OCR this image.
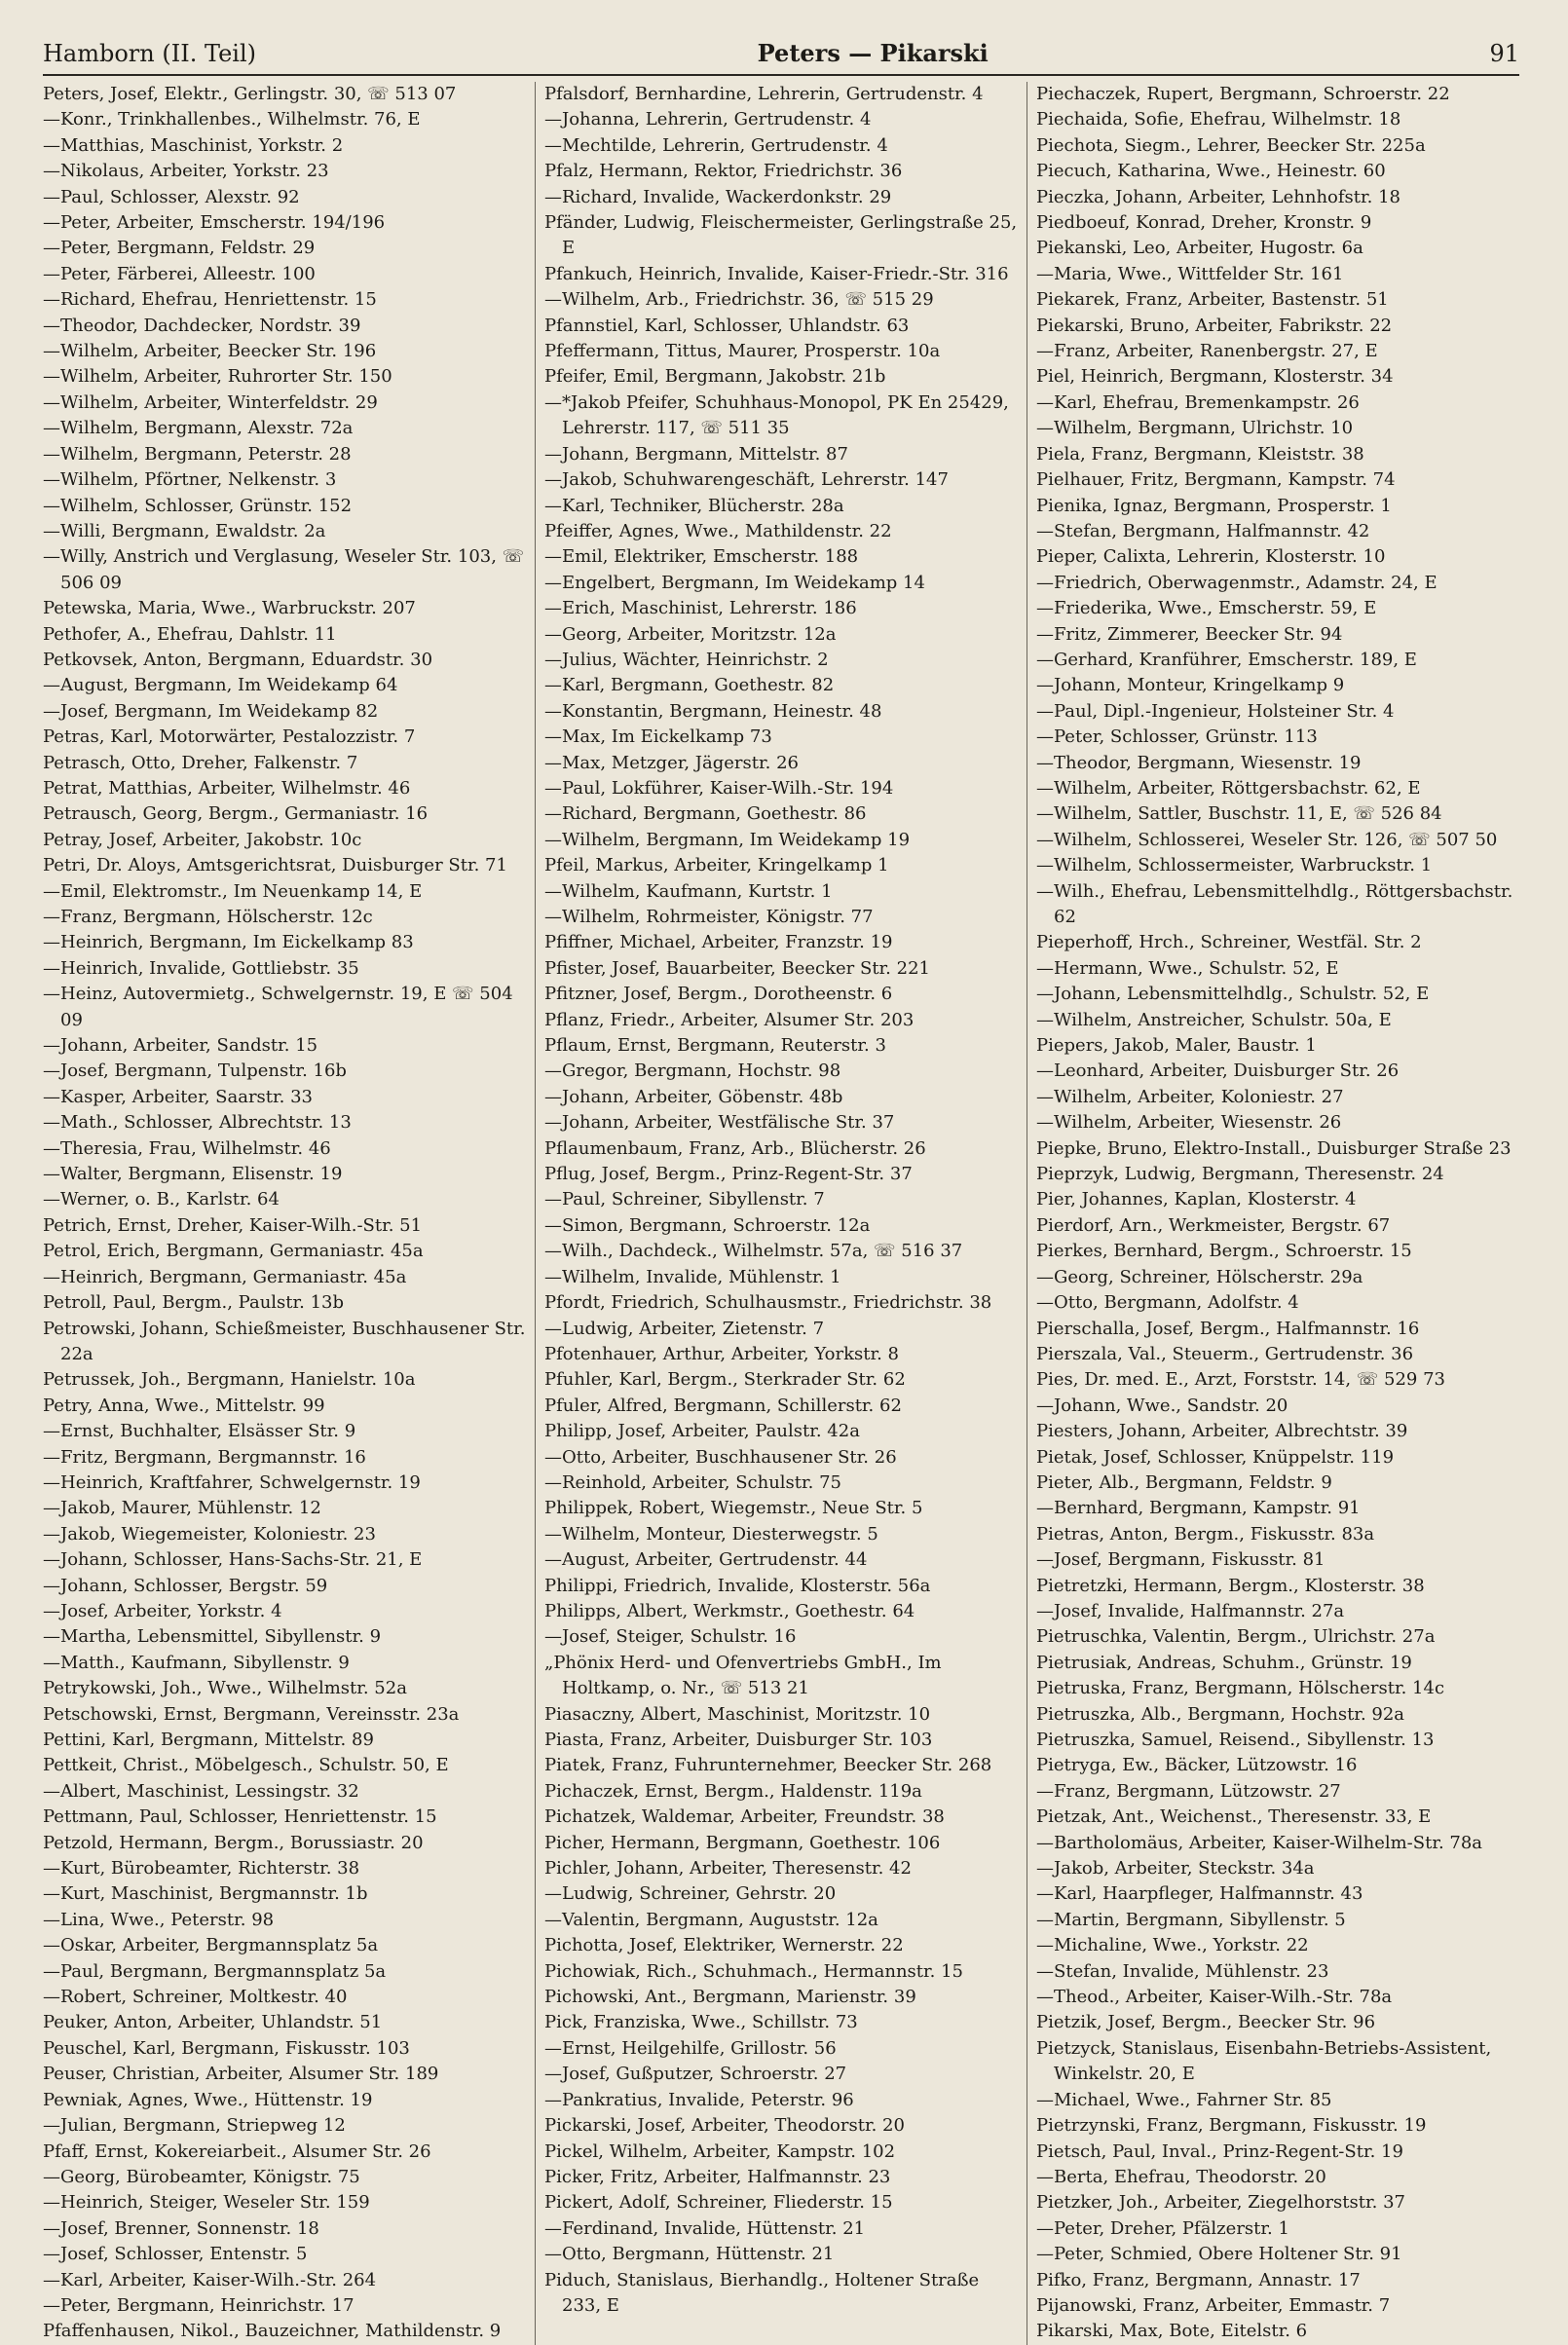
Hamborn (II. Teil)	Peters — Pikarski	91
Peters, Josef, Elektr., Gerlingstr. 30, ☏ 513 07
—Konr., Trinkhallenbes., Wilhelmstr. 76, E
—Matthias, Maschinist, Yorkstr. 2
—Nikolaus, Arbeiter, Yorkstr. 23
—Paul, Schlosser, Alexstr. 92
—Peter, Arbeiter, Emscherstr. 194/196
—Peter, Bergmann, Feldstr. 29
—Peter, Färberei, Alleestr. 100
—Richard, Ehefrau, Henriettenstr. 15
—Theodor, Dachdecker, Nordstr. 39
—Wilhelm, Arbeiter, Beecker Str. 196
—Wilhelm, Arbeiter, Ruhrorter Str. 150
—Wilhelm, Arbeiter, Winterfeldstr. 29
—Wilhelm, Bergmann, Alexstr. 72a
—Wilhelm, Bergmann, Peterstr. 28
—Wilhelm, Pförtner, Nelkenstr. 3
—Wilhelm, Schlosser, Grünstr. 152
—Willi, Bergmann, Ewaldstr. 2a
—Willy, Anstrich und Verglasung, Weseler Str. 103, ☏ 506 09
Petewska, Maria, Wwe., Warbruckstr. 207
Pethofer, A., Ehefrau, Dahlstr. 11
Petkovsek, Anton, Bergmann, Eduardstr. 30
—August, Bergmann, Im Weidekamp 64
—Josef, Bergmann, Im Weidekamp 82
Petras, Karl, Motorwärter, Pestalozzistr. 7
Petrasch, Otto, Dreher, Falkenstr. 7
Petrat, Matthias, Arbeiter, Wilhelmstr. 46
Petrausch, Georg, Bergm., Germaniastr. 16
Petray, Josef, Arbeiter, Jakobstr. 10c
Petri, Dr. Aloys, Amtsgerichtsrat, Duisburger Str. 71
—Emil, Elektromstr., Im Neuenkamp 14, E
—Franz, Bergmann, Hölscherstr. 12c
—Heinrich, Bergmann, Im Eickelkamp 83
—Heinrich, Invalide, Gottliebstr. 35
—Heinz, Autovermietg., Schwelgernstr. 19, E ☏ 504 09
—Johann, Arbeiter, Sandstr. 15
—Josef, Bergmann, Tulpenstr. 16b
—Kasper, Arbeiter, Saarstr. 33
—Math., Schlosser, Albrechtstr. 13
—Theresia, Frau, Wilhelmstr. 46
—Walter, Bergmann, Elisenstr. 19
—Werner, o. B., Karlstr. 64
Petrich, Ernst, Dreher, Kaiser-Wilh.-Str. 51
Petrol, Erich, Bergmann, Germaniastr. 45a
—Heinrich, Bergmann, Germaniastr. 45a
Petroll, Paul, Bergm., Paulstr. 13b
Petrowski, Johann, Schießmeister, Buschhausener Str. 22a
Petrussek, Joh., Bergmann, Hanielstr. 10a
Petry, Anna, Wwe., Mittelstr. 99
—Ernst, Buchhalter, Elsässer Str. 9
—Fritz, Bergmann, Bergmannstr. 16
—Heinrich, Kraftfahrer, Schwelgernstr. 19
—Jakob, Maurer, Mühlenstr. 12
—Jakob, Wiegemeister, Koloniestr. 23
—Johann, Schlosser, Hans-Sachs-Str. 21, E
—Johann, Schlosser, Bergstr. 59
—Josef, Arbeiter, Yorkstr. 4
—Martha, Lebensmittel, Sibyllenstr. 9
—Matth., Kaufmann, Sibyllenstr. 9
Petrykowski, Joh., Wwe., Wilhelmstr. 52a
Petschowski, Ernst, Bergmann, Vereinsstr. 23a
Pettini, Karl, Bergmann, Mittelstr. 89
Pettkeit, Christ., Möbelgesch., Schulstr. 50, E
—Albert, Maschinist, Lessingstr. 32
Pettmann, Paul, Schlosser, Henriettenstr. 15
Petzold, Hermann, Bergm., Borussiastr. 20
—Kurt, Bürobeamter, Richterstr. 38
—Kurt, Maschinist, Bergmannstr. 1b
—Lina, Wwe., Peterstr. 98
—Oskar, Arbeiter, Bergmannsplatz 5a
—Paul, Bergmann, Bergmannsplatz 5a
—Robert, Schreiner, Moltkestr. 40
Peuker, Anton, Arbeiter, Uhlandstr. 51
Peuschel, Karl, Bergmann, Fiskusstr. 103
Peuser, Christian, Arbeiter, Alsumer Str. 189
Pewniak, Agnes, Wwe., Hüttenstr. 19
—Julian, Bergmann, Striepweg 12
Pfaff, Ernst, Kokereiarbeit., Alsumer Str. 26
—Georg, Bürobeamter, Königstr. 75
—Heinrich, Steiger, Weseler Str. 159
—Josef, Brenner, Sonnenstr. 18
—Josef, Schlosser, Entenstr. 5
—Karl, Arbeiter, Kaiser-Wilh.-Str. 264
—Peter, Bergmann, Heinrichstr. 17
Pfaffenhausen, Nikol., Bauzeichner, Mathildenstr. 9
Pfalsdorf, Bernhardine, Lehrerin, Gertrudenstr. 4
—Johanna, Lehrerin, Gertrudenstr. 4
—Mechtilde, Lehrerin, Gertrudenstr. 4
Pfalz, Hermann, Rektor, Friedrichstr. 36
—Richard, Invalide, Wackerdonkstr. 29
Pfänder, Ludwig, Fleischermeister, Gerlingstraße 25, E
Pfankuch, Heinrich, Invalide, Kaiser-Friedr.-Str. 316
—Wilhelm, Arb., Friedrichstr. 36, ☏ 515 29
Pfannstiel, Karl, Schlosser, Uhlandstr. 63
Pfeffermann, Tittus, Maurer, Prosperstr. 10a
Pfeifer, Emil, Bergmann, Jakobstr. 21b
—*Jakob Pfeifer, Schuhhaus-Monopol, PK En 25429, Lehrerstr. 117, ☏ 511 35
—Johann, Bergmann, Mittelstr. 87
—Jakob, Schuhwarengeschäft, Lehrerstr. 147
—Karl, Techniker, Blücherstr. 28a
Pfeiffer, Agnes, Wwe., Mathildenstr. 22
—Emil, Elektriker, Emscherstr. 188
—Engelbert, Bergmann, Im Weidekamp 14
—Erich, Maschinist, Lehrerstr. 186
—Georg, Arbeiter, Moritzstr. 12a
—Julius, Wächter, Heinrichstr. 2
—Karl, Bergmann, Goethestr. 82
—Konstantin, Bergmann, Heinestr. 48
—Max, Im Eickelkamp 73
—Max, Metzger, Jägerstr. 26
—Paul, Lokführer, Kaiser-Wilh.-Str. 194
—Richard, Bergmann, Goethestr. 86
—Wilhelm, Bergmann, Im Weidekamp 19
Pfeil, Markus, Arbeiter, Kringelkamp 1
—Wilhelm, Kaufmann, Kurtstr. 1
—Wilhelm, Rohrmeister, Königstr. 77
Pfiffner, Michael, Arbeiter, Franzstr. 19
Pfister, Josef, Bauarbeiter, Beecker Str. 221
Pfitzner, Josef, Bergm., Dorotheenstr. 6
Pflanz, Friedr., Arbeiter, Alsumer Str. 203
Pflaum, Ernst, Bergmann, Reuterstr. 3
—Gregor, Bergmann, Hochstr. 98
—Johann, Arbeiter, Göbenstr. 48b
—Johann, Arbeiter, Westfälische Str. 37
Pflaumenbaum, Franz, Arb., Blücherstr. 26
Pflug, Josef, Bergm., Prinz-Regent-Str. 37
—Paul, Schreiner, Sibyllenstr. 7
—Simon, Bergmann, Schroerstr. 12a
—Wilh., Dachdeck., Wilhelmstr. 57a, ☏ 516 37
—Wilhelm, Invalide, Mühlenstr. 1
Pfordt, Friedrich, Schulhausmstr., Friedrichstr. 38
—Ludwig, Arbeiter, Zietenstr. 7
Pfotenhauer, Arthur, Arbeiter, Yorkstr. 8
Pfuhler, Karl, Bergm., Sterkrader Str. 62
Pfuler, Alfred, Bergmann, Schillerstr. 62
Philipp, Josef, Arbeiter, Paulstr. 42a
—Otto, Arbeiter, Buschhausener Str. 26
—Reinhold, Arbeiter, Schulstr. 75
Philippek, Robert, Wiegemstr., Neue Str. 5
—Wilhelm, Monteur, Diesterwegstr. 5
—August, Arbeiter, Gertrudenstr. 44
Philippi, Friedrich, Invalide, Klosterstr. 56a
Philipps, Albert, Werkmstr., Goethestr. 64
—Josef, Steiger, Schulstr. 16
„Phönix Herd- und Ofenvertriebs GmbH., Im Holtkamp, o. Nr., ☏ 513 21
Piasaczny, Albert, Maschinist, Moritzstr. 10
Piasta, Franz, Arbeiter, Duisburger Str. 103
Piatek, Franz, Fuhrunternehmer, Beecker Str. 268
Pichaczek, Ernst, Bergm., Haldenstr. 119a
Pichatzek, Waldemar, Arbeiter, Freundstr. 38
Picher, Hermann, Bergmann, Goethestr. 106
Pichler, Johann, Arbeiter, Theresenstr. 42
—Ludwig, Schreiner, Gehrstr. 20
—Valentin, Bergmann, Auguststr. 12a
Pichotta, Josef, Elektriker, Wernerstr. 22
Pichowiak, Rich., Schuhmach., Hermannstr. 15
Pichowski, Ant., Bergmann, Marienstr. 39
Pick, Franziska, Wwe., Schillstr. 73
—Ernst, Heilgehilfe, Grillostr. 56
—Josef, Gußputzer, Schroerstr. 27
—Pankratius, Invalide, Peterstr. 96
Pickarski, Josef, Arbeiter, Theodorstr. 20
Pickel, Wilhelm, Arbeiter, Kampstr. 102
Picker, Fritz, Arbeiter, Halfmannstr. 23
Pickert, Adolf, Schreiner, Fliederstr. 15
—Ferdinand, Invalide, Hüttenstr. 21
—Otto, Bergmann, Hüttenstr. 21
Piduch, Stanislaus, Bierhandlg., Holtener Straße 233, E
Piechaczek, Rupert, Bergmann, Schroerstr. 22
Piechaida, Sofie, Ehefrau, Wilhelmstr. 18
Piechota, Siegm., Lehrer, Beecker Str. 225a
Piecuch, Katharina, Wwe., Heinestr. 60
Pieczka, Johann, Arbeiter, Lehnhofstr. 18
Piedboeuf, Konrad, Dreher, Kronstr. 9
Piekanski, Leo, Arbeiter, Hugostr. 6a
—Maria, Wwe., Wittfelder Str. 161
Piekarek, Franz, Arbeiter, Bastenstr. 51
Piekarski, Bruno, Arbeiter, Fabrikstr. 22
—Franz, Arbeiter, Ranenbergstr. 27, E
Piel, Heinrich, Bergmann, Klosterstr. 34
—Karl, Ehefrau, Bremenkampstr. 26
—Wilhelm, Bergmann, Ulrichstr. 10
Piela, Franz, Bergmann, Kleiststr. 38
Pielhauer, Fritz, Bergmann, Kampstr. 74
Pienika, Ignaz, Bergmann, Prosperstr. 1
—Stefan, Bergmann, Halfmannstr. 42
Pieper, Calixta, Lehrerin, Klosterstr. 10
—Friedrich, Oberwagenmstr., Adamstr. 24, E
—Friederika, Wwe., Emscherstr. 59, E
—Fritz, Zimmerer, Beecker Str. 94
—Gerhard, Kranführer, Emscherstr. 189, E
—Johann, Monteur, Kringelkamp 9
—Paul, Dipl.-Ingenieur, Holsteiner Str. 4
—Peter, Schlosser, Grünstr. 113
—Theodor, Bergmann, Wiesenstr. 19
—Wilhelm, Arbeiter, Röttgersbachstr. 62, E
—Wilhelm, Sattler, Buschstr. 11, E, ☏ 526 84
—Wilhelm, Schlosserei, Weseler Str. 126, ☏ 507 50
—Wilhelm, Schlossermeister, Warbruckstr. 1
—Wilh., Ehefrau, Lebensmittelhdlg., Röttgersbachstr. 62
Pieperhoff, Hrch., Schreiner, Westfäl. Str. 2
—Hermann, Wwe., Schulstr. 52, E
—Johann, Lebensmittelhdlg., Schulstr. 52, E
—Wilhelm, Anstreicher, Schulstr. 50a, E
Piepers, Jakob, Maler, Baustr. 1
—Leonhard, Arbeiter, Duisburger Str. 26
—Wilhelm, Arbeiter, Koloniestr. 27
—Wilhelm, Arbeiter, Wiesenstr. 26
Piepke, Bruno, Elektro-Install., Duisburger Straße 23
Pieprzyk, Ludwig, Bergmann, Theresenstr. 24
Pier, Johannes, Kaplan, Klosterstr. 4
Pierdorf, Arn., Werkmeister, Bergstr. 67
Pierkes, Bernhard, Bergm., Schroerstr. 15
—Georg, Schreiner, Hölscherstr. 29a
—Otto, Bergmann, Adolfstr. 4
Pierschalla, Josef, Bergm., Halfmannstr. 16
Pierszala, Val., Steuerm., Gertrudenstr. 36
Pies, Dr. med. E., Arzt, Forststr. 14, ☏ 529 73
—Johann, Wwe., Sandstr. 20
Piesters, Johann, Arbeiter, Albrechtstr. 39
Pietak, Josef, Schlosser, Knüppelstr. 119
Pieter, Alb., Bergmann, Feldstr. 9
—Bernhard, Bergmann, Kampstr. 91
Pietras, Anton, Bergm., Fiskusstr. 83a
—Josef, Bergmann, Fiskusstr. 81
Pietretzki, Hermann, Bergm., Klosterstr. 38
—Josef, Invalide, Halfmannstr. 27a
Pietruschka, Valentin, Bergm., Ulrichstr. 27a
Pietrusiak, Andreas, Schuhm., Grünstr. 19
Pietruska, Franz, Bergmann, Hölscherstr. 14c
Pietruszka, Alb., Bergmann, Hochstr. 92a
Pietruszka, Samuel, Reisend., Sibyllenstr. 13
Pietryga, Ew., Bäcker, Lützowstr. 16
—Franz, Bergmann, Lützowstr. 27
Pietzak, Ant., Weichenst., Theresenstr. 33, E
—Bartholomäus, Arbeiter, Kaiser-Wilhelm-Str. 78a
—Jakob, Arbeiter, Steckstr. 34a
—Karl, Haarpfleger, Halfmannstr. 43
—Martin, Bergmann, Sibyllenstr. 5
—Michaline, Wwe., Yorkstr. 22
—Stefan, Invalide, Mühlenstr. 23
—Theod., Arbeiter, Kaiser-Wilh.-Str. 78a
Pietzik, Josef, Bergm., Beecker Str. 96
Pietzyck, Stanislaus, Eisenbahn-Betriebs-Assistent, Winkelstr. 20, E
—Michael, Wwe., Fahrner Str. 85
Pietrzynski, Franz, Bergmann, Fiskusstr. 19
Pietsch, Paul, Inval., Prinz-Regent-Str. 19
—Berta, Ehefrau, Theodorstr. 20
Pietzker, Joh., Arbeiter, Ziegelhorststr. 37
—Peter, Dreher, Pfälzerstr. 1
—Peter, Schmied, Obere Holtener Str. 91
Pifko, Franz, Bergmann, Annastr. 17
Pijanowski, Franz, Arbeiter, Emmastr. 7
Pikarski, Max, Bote, Eitelstr. 6
